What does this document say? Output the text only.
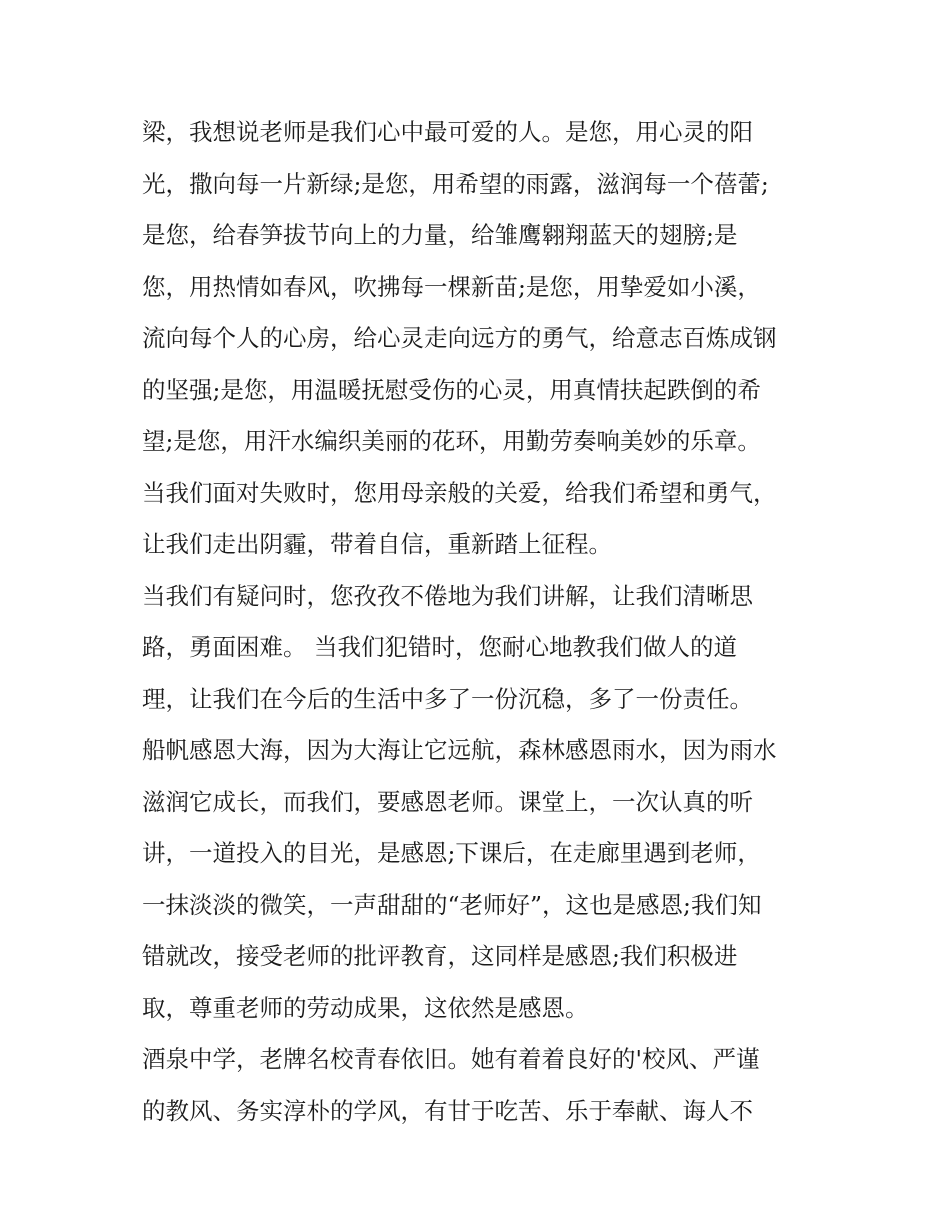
梁，我想说老师是我们心中最可爱的人。是您，用心灵的阳
光，撒向每一片新绿;是您，用希望的雨露，滋润每一个蓓蕾;
是您，给春笋拔节向上的力量，给雏鹰翱翔蓝天的翅膀;是
您，用热情如春风，吹拂每一棵新苗;是您，用挚爱如小溪，
流向每个人的心房，给心灵走向远方的勇气，给意志百炼成钢
的坚强;是您，用温暖抚慰受伤的心灵，用真情扶起跌倒的希
望;是您，用汗水编织美丽的花环，用勤劳奏响美妙的乐章。
当我们面对失败时，您用母亲般的关爱，给我们希望和勇气，
让我们走出阴霾，带着自信，重新踏上征程。
当我们有疑问时，您孜孜不倦地为我们讲解，让我们清晰思
路，勇面困难。 当我们犯错时，您耐心地教我们做人的道
理，让我们在今后的生活中多了一份沉稳，多了一份责任。
船帆感恩大海，因为大海让它远航，森林感恩雨水，因为雨水
滋润它成长，而我们，要感恩老师。课堂上，一次认真的听
讲，一道投入的目光，是感恩;下课后，在走廊里遇到老师，
一抹淡淡的微笑，一声甜甜的“老师好”，这也是感恩;我们知
错就改，接受老师的批评教育，这同样是感恩;我们积极进
取，尊重老师的劳动成果，这依然是感恩。
酒泉中学，老牌名校青春依旧。她有着着良好的'校风、严谨
的教风、务实淳朴的学风，有甘于吃苦、乐于奉献、诲人不
